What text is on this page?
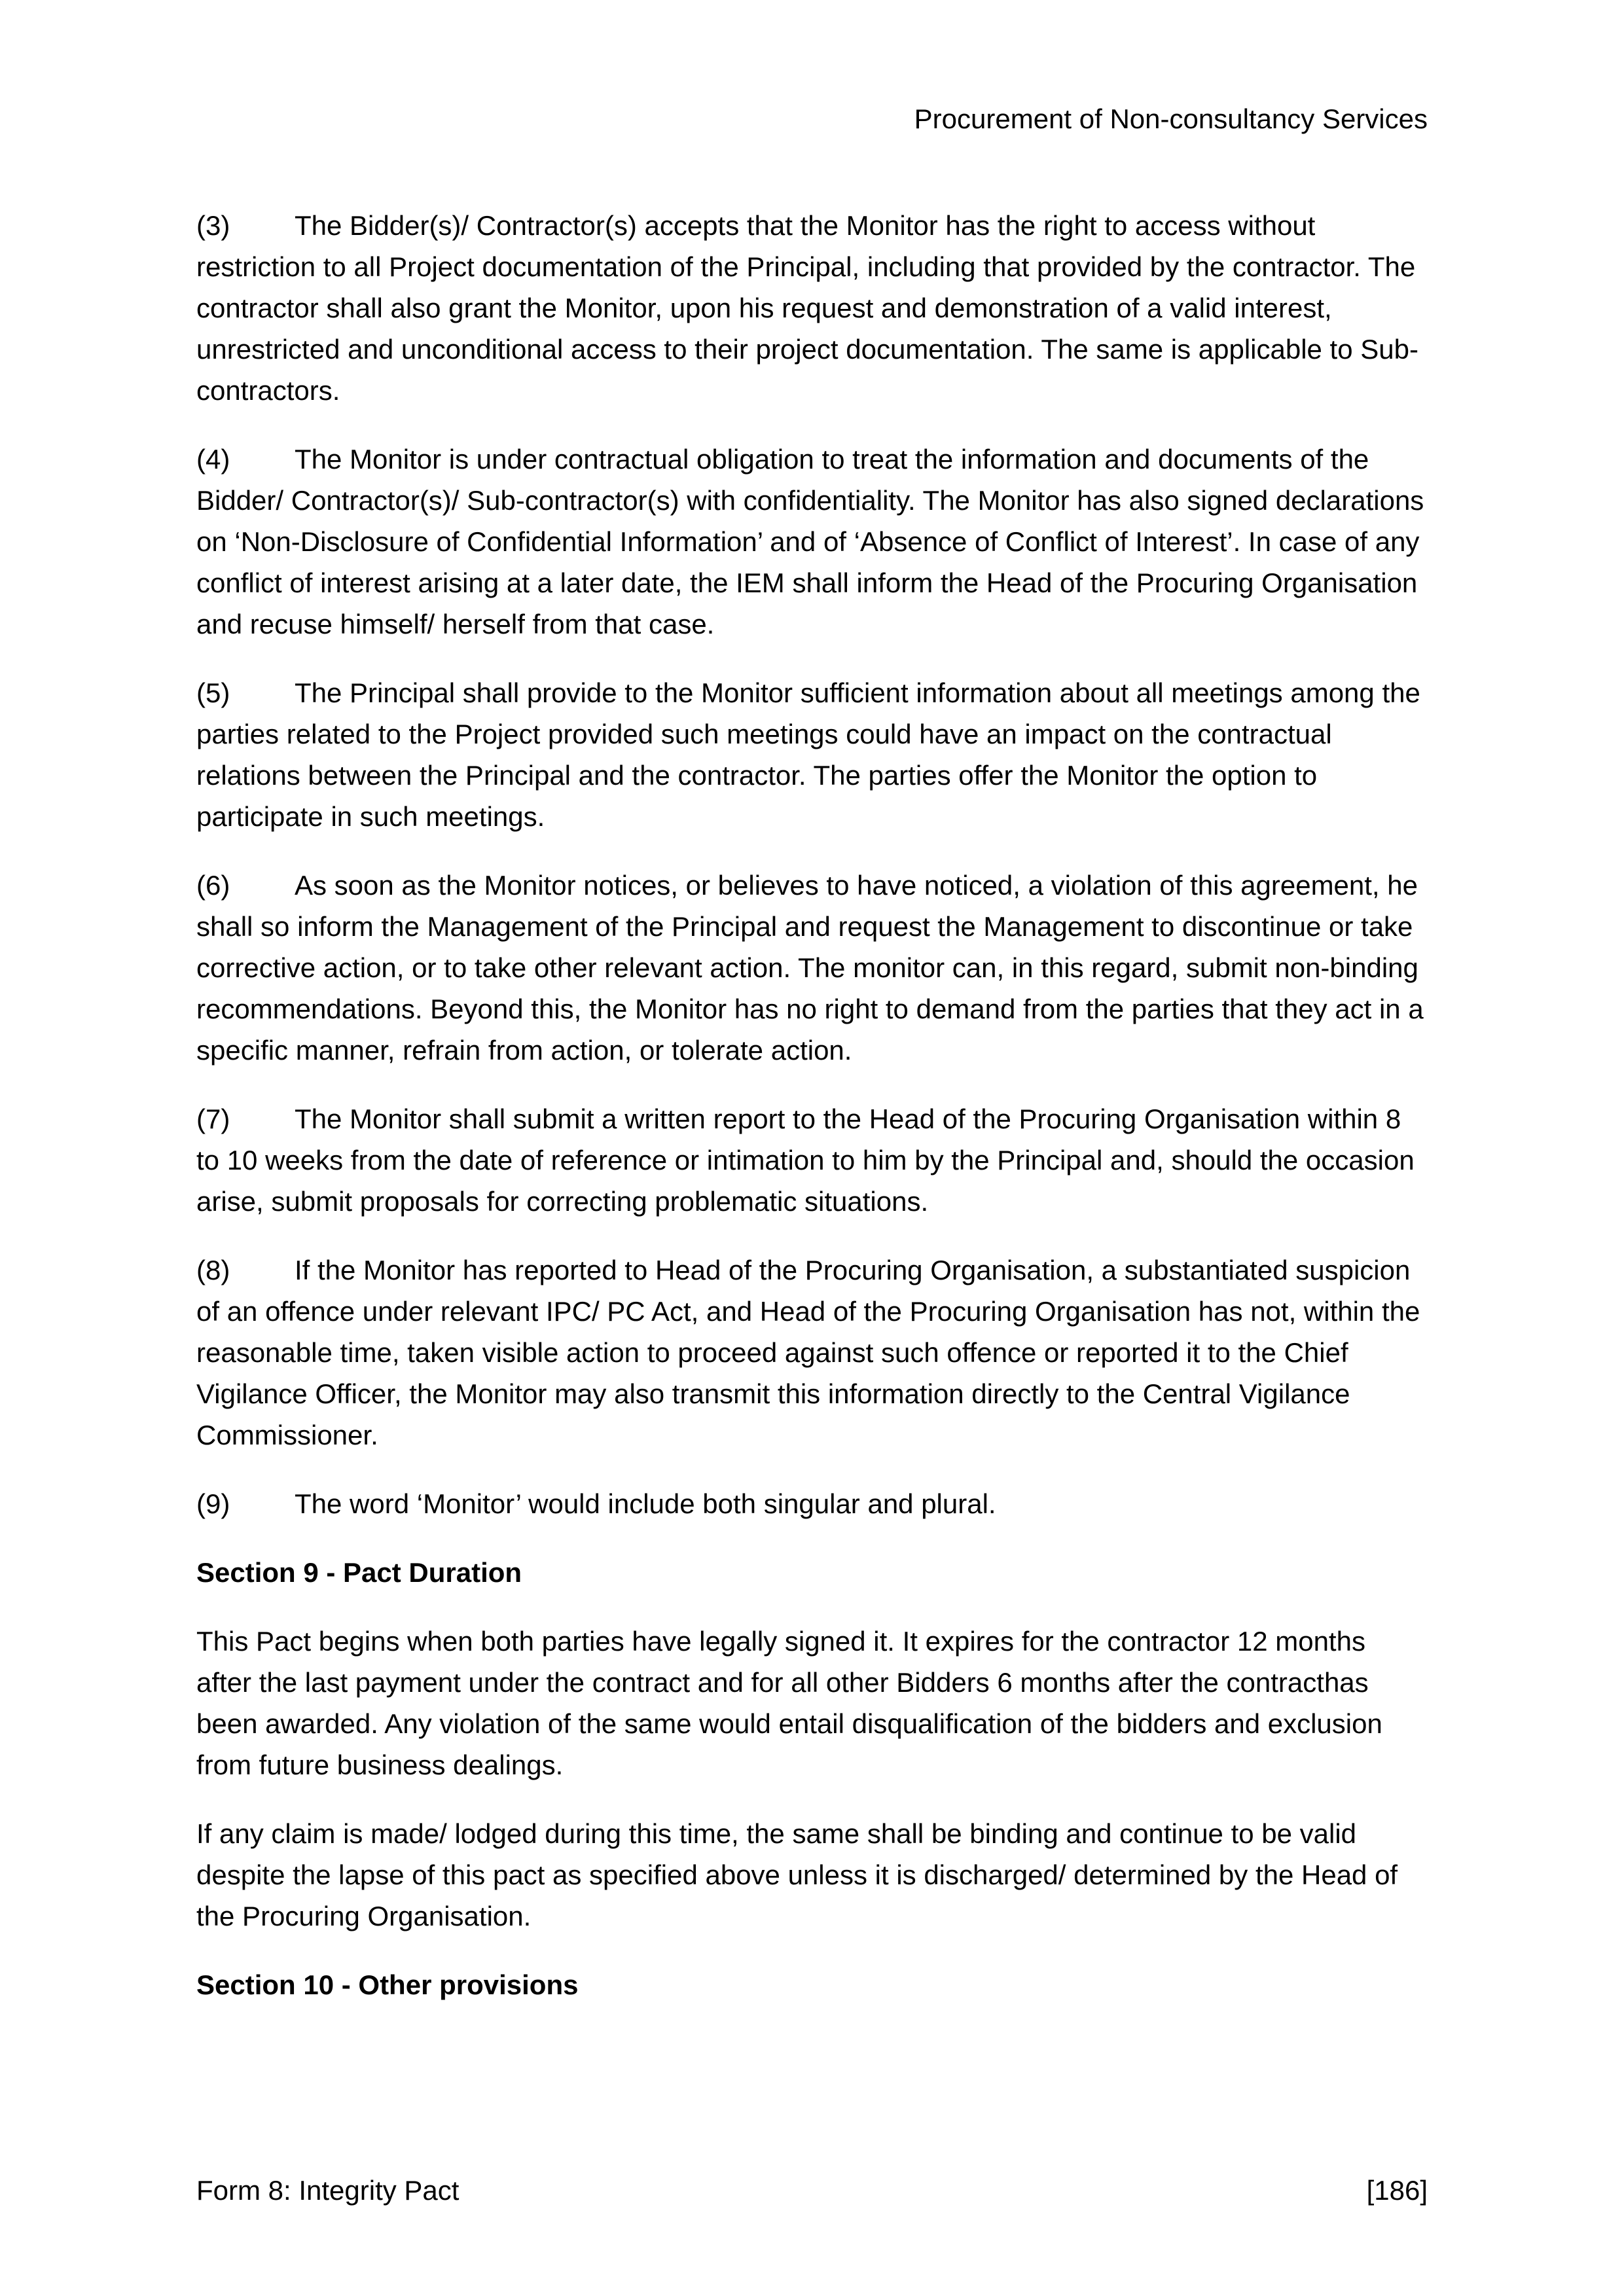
Procurement of Non-consultancy Services

(3) The Bidder(s)/ Contractor(s) accepts that the Monitor has the right to access without restriction to all Project documentation of the Principal, including that provided by the contractor. The contractor shall also grant the Monitor, upon his request and demonstration of a valid interest, unrestricted and unconditional access to their project documentation. The same is applicable to Sub-contractors.

(4) The Monitor is under contractual obligation to treat the information and documents of the Bidder/ Contractor(s)/ Sub-contractor(s) with confidentiality. The Monitor has also signed declarations on ‘Non-Disclosure of Confidential Information’ and of ‘Absence of Conflict of Interest’. In case of any conflict of interest arising at a later date, the IEM shall inform the Head of the Procuring Organisation and recuse himself/ herself from that case.

(5) The Principal shall provide to the Monitor sufficient information about all meetings among the parties related to the Project provided such meetings could have an impact on the contractual relations between the Principal and the contractor. The parties offer the Monitor the option to participate in such meetings.

(6) As soon as the Monitor notices, or believes to have noticed, a violation of this agreement, he shall so inform the Management of the Principal and request the Management to discontinue or take corrective action, or to take other relevant action. The monitor can, in this regard, submit non-binding recommendations. Beyond this, the Monitor has no right to demand from the parties that they act in a specific manner, refrain from action, or tolerate action.

(7) The Monitor shall submit a written report to the Head of the Procuring Organisation within 8 to 10 weeks from the date of reference or intimation to him by the Principal and, should the occasion arise, submit proposals for correcting problematic situations.

(8) If the Monitor has reported to Head of the Procuring Organisation, a substantiated suspicion of an offence under relevant IPC/ PC Act, and Head of the Procuring Organisation has not, within the reasonable time, taken visible action to proceed against such offence or reported it to the Chief Vigilance Officer, the Monitor may also transmit this information directly to the Central Vigilance Commissioner.

(9) The word ‘Monitor’ would include both singular and plural.

Section 9 - Pact Duration

This Pact begins when both parties have legally signed it. It expires for the contractor 12 months after the last payment under the contract and for all other Bidders 6 months after the contracthas been awarded. Any violation of the same would entail disqualification of the bidders and exclusion from future business dealings.

If any claim is made/ lodged during this time, the same shall be binding and continue to be valid despite the lapse of this pact as specified above unless it is discharged/ determined by the Head of the Procuring Organisation.

Section 10 - Other provisions
Form 8: Integrity Pact	[186]
